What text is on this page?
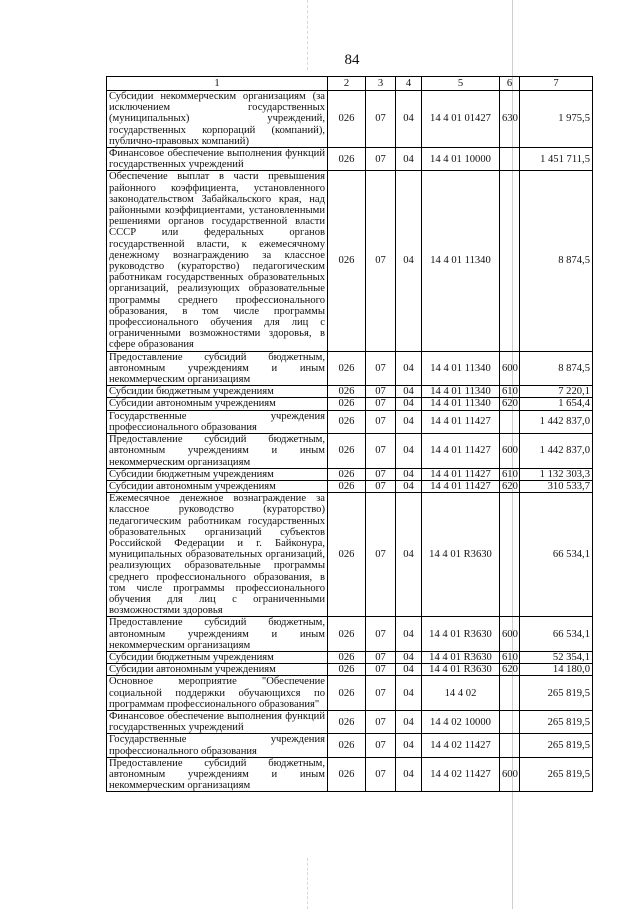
84
1	2	3	4	5	6	7
Субсидии некоммерческим организациям (за исключением государственных (муниципальных) учреждений, государственных корпораций (компаний), публично-правовых компаний)	026	07	04	14 4 01 01427	630	1 975,5
Финансовое обеспечение выполнения функций государственных учреждений	026	07	04	14 4 01 10000		1 451 711,5
Обеспечение выплат в части превышения районного коэффициента, установленного законодательством Забайкальского края, над районными коэффициентами, установленными решениями органов государственной власти СССР или федеральных органов государственной власти, к ежемесячному денежному вознаграждению за классное руководство (кураторство) педагогическим работникам государственных образовательных организаций, реализующих образовательные программы среднего профессионального образования, в том числе программы профессионального обучения для лиц с ограниченными возможностями здоровья, в сфере образования	026	07	04	14 4 01 11340		8 874,5
Предоставление субсидий бюджетным, автономным учреждениям и иным некоммерческим организациям	026	07	04	14 4 01 11340	600	8 874,5
Субсидии бюджетным учреждениям	026	07	04	14 4 01 11340	610	7 220,1
Субсидии автономным учреждениям	026	07	04	14 4 01 11340	620	1 654,4
Государственные учреждения профессионального образования	026	07	04	14 4 01 11427		1 442 837,0
Предоставление субсидий бюджетным, автономным учреждениям и иным некоммерческим организациям	026	07	04	14 4 01 11427	600	1 442 837,0
Субсидии бюджетным учреждениям	026	07	04	14 4 01 11427	610	1 132 303,3
Субсидии автономным учреждениям	026	07	04	14 4 01 11427	620	310 533,7
Ежемесячное денежное вознаграждение за классное руководство (кураторство) педагогическим работникам государственных образовательных организаций субъектов Российской Федерации и г. Байконура, муниципальных образовательных организаций, реализующих образовательные программы среднего профессионального образования, в том числе программы профессионального обучения для лиц с ограниченными возможностями здоровья	026	07	04	14 4 01 R3630		66 534,1
Предоставление субсидий бюджетным, автономным учреждениям и иным некоммерческим организациям	026	07	04	14 4 01 R3630	600	66 534,1
Субсидии бюджетным учреждениям	026	07	04	14 4 01 R3630	610	52 354,1
Субсидии автономным учреждениям	026	07	04	14 4 01 R3630	620	14 180,0
Основное мероприятие "Обеспечение социальной поддержки обучающихся по программам профессионального образования"	026	07	04	14 4 02		265 819,5
Финансовое обеспечение выполнения функций государственных учреждений	026	07	04	14 4 02 10000		265 819,5
Государственные учреждения профессионального образования	026	07	04	14 4 02 11427		265 819,5
Предоставление субсидий бюджетным, автономным учреждениям и иным некоммерческим организациям	026	07	04	14 4 02 11427	600	265 819,5
